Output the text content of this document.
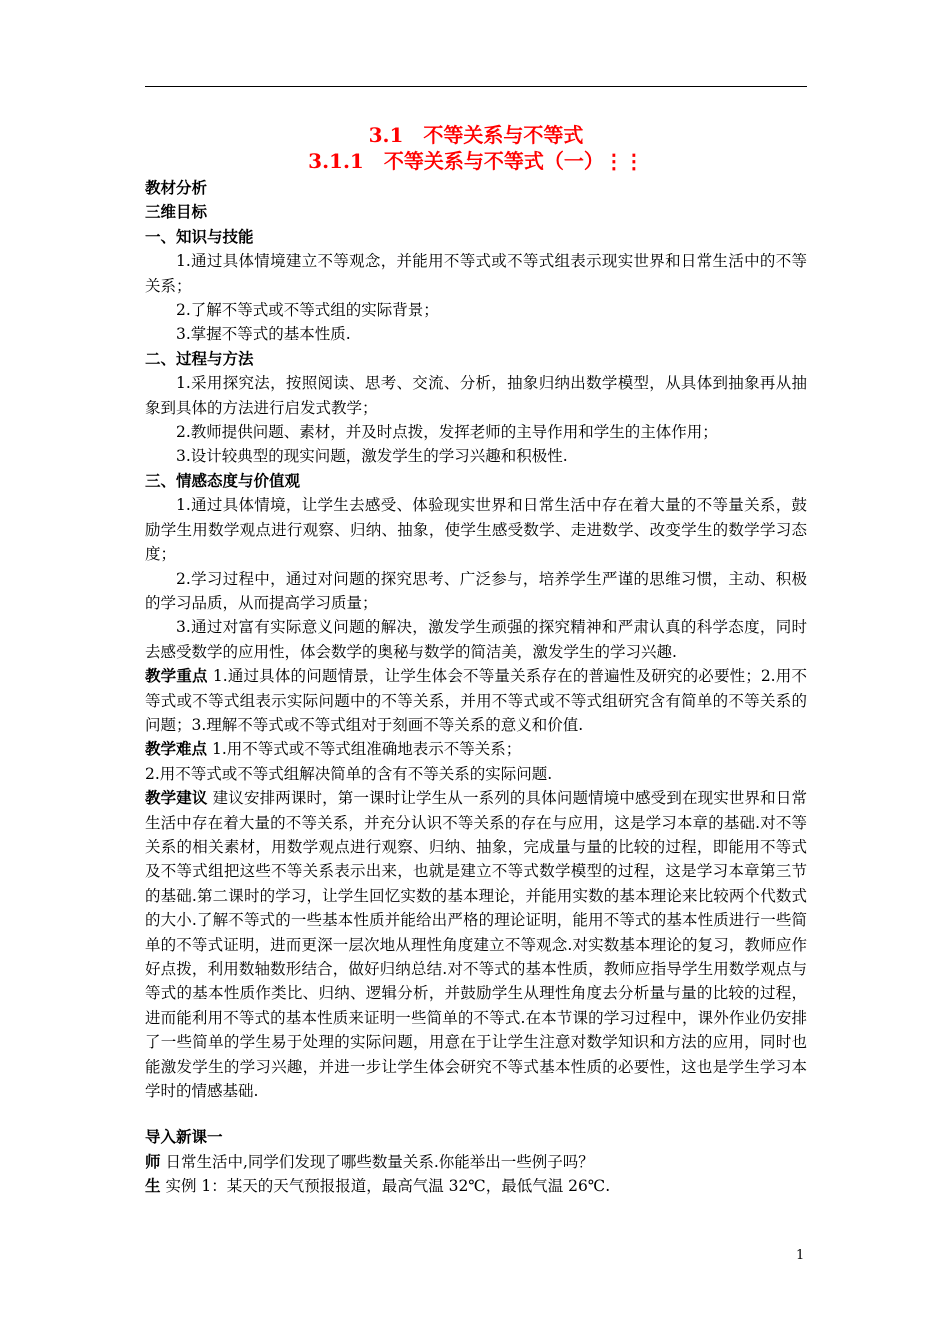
3.1　不等关系与不等式
3.1.1　不等关系与不等式（一）⋮⋮
教材分析
三维目标
一、知识与技能
1.通过具体情境建立不等观念，并能用不等式或不等式组表示现实世界和日常生活中的不等关系；
2.了解不等式或不等式组的实际背景；
3.掌握不等式的基本性质.
二、过程与方法
1.采用探究法，按照阅读、思考、交流、分析，抽象归纳出数学模型，从具体到抽象再从抽象到具体的方法进行启发式教学；
2.教师提供问题、素材，并及时点拨，发挥老师的主导作用和学生的主体作用；
3.设计较典型的现实问题，激发学生的学习兴趣和积极性.
三、情感态度与价值观
1.通过具体情境，让学生去感受、体验现实世界和日常生活中存在着大量的不等量关系，鼓励学生用数学观点进行观察、归纳、抽象，使学生感受数学、走进数学、改变学生的数学学习态度；
2.学习过程中，通过对问题的探究思考、广泛参与，培养学生严谨的思维习惯，主动、积极的学习品质，从而提高学习质量；
3.通过对富有实际意义问题的解决，激发学生顽强的探究精神和严肃认真的科学态度，同时去感受数学的应用性，体会数学的奥秘与数学的简洁美，激发学生的学习兴趣.
教学重点 1.通过具体的问题情景，让学生体会不等量关系存在的普遍性及研究的必要性；2.用不等式或不等式组表示实际问题中的不等关系，并用不等式或不等式组研究含有简单的不等关系的问题；3.理解不等式或不等式组对于刻画不等关系的意义和价值.
教学难点 1.用不等式或不等式组准确地表示不等关系；
2.用不等式或不等式组解决简单的含有不等关系的实际问题.
教学建议 建议安排两课时，第一课时让学生从一系列的具体问题情境中感受到在现实世界和日常生活中存在着大量的不等关系，并充分认识不等关系的存在与应用，这是学习本章的基础.对不等关系的相关素材，用数学观点进行观察、归纳、抽象，完成量与量的比较的过程，即能用不等式及不等式组把这些不等关系表示出来，也就是建立不等式数学模型的过程，这是学习本章第三节的基础.第二课时的学习，让学生回忆实数的基本理论，并能用实数的基本理论来比较两个代数式的大小.了解不等式的一些基本性质并能给出严格的理论证明，能用不等式的基本性质进行一些简单的不等式证明，进而更深一层次地从理性角度建立不等观念.对实数基本理论的复习，教师应作好点拨，利用数轴数形结合，做好归纳总结.对不等式的基本性质，教师应指导学生用数学观点与等式的基本性质作类比、归纳、逻辑分析，并鼓励学生从理性角度去分析量与量的比较的过程，进而能利用不等式的基本性质来证明一些简单的不等式.在本节课的学习过程中，课外作业仍安排了一些简单的学生易于处理的实际问题，用意在于让学生注意对数学知识和方法的应用，同时也能激发学生的学习兴趣，并进一步让学生体会研究不等式基本性质的必要性，这也是学生学习本学时的情感基础.
导入新课一
师 日常生活中,同学们发现了哪些数量关系.你能举出一些例子吗？
生 实例 1：某天的天气预报报道，最高气温 32℃，最低气温 26℃.
1
